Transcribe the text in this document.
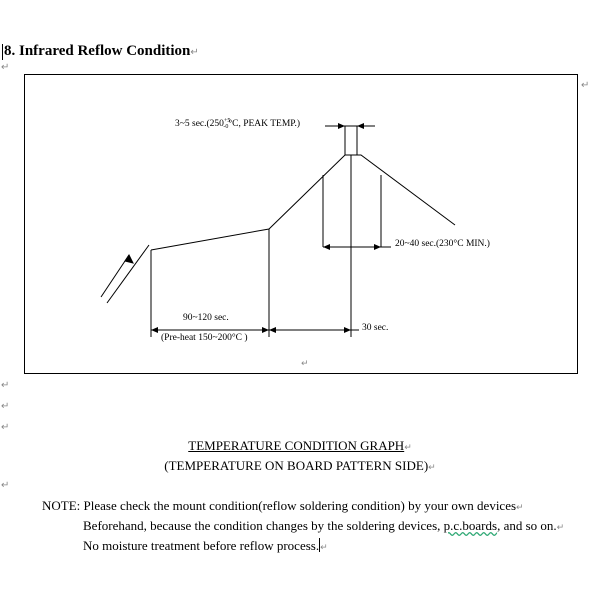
↵
↵
↵
↵
↵
8. Infrared Reflow Condition↵
↵
3~5 $\sec.(250^{+5}_{-0}^\circ C$, PEAK TEMP.)
20~40 sec.(230°C MIN.)
90~120 sec.
(Pre-heat 150~200°C )
30 sec.
↵
TEMPERATURE CONDITION GRAPH↵
(TEMPERATURE ON BOARD PATTERN SIDE)↵
NOTE: Please check the mount condition(reflow soldering condition) by your own devices↵
Beforehand, because the condition changes by the soldering devices, p.c.boards, and so on.↵
No moisture treatment before reflow process.↵
